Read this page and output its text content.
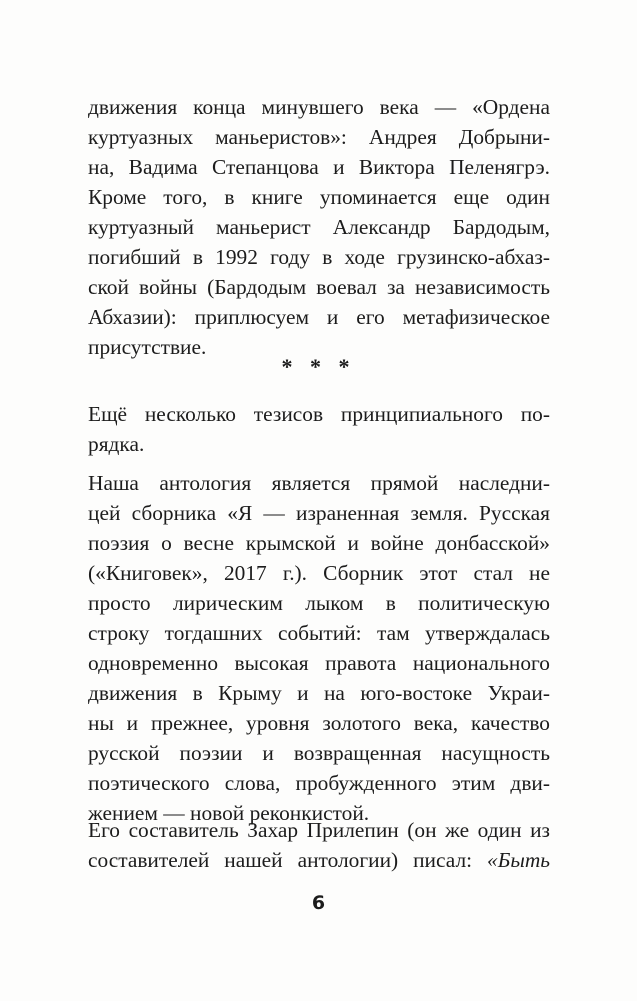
движения конца минувшего века — «Ордена
куртуазных маньеристов»: Андрея Добрыни-
на, Вадима Степанцова и Виктора Пеленягрэ.
Кроме того, в книге упоминается еще один
куртуазный маньерист Александр Бардодым,
погибший в 1992 году в ходе грузинско-абхаз-
ской войны (Бардодым воевал за независимость
Абхазии): приплюсуем и его метафизическое
присутствие.
* * *
Ещё несколько тезисов принципиального по-
рядка.
Наша антология является прямой наследни-
цей сборника «Я — израненная земля. Русская
поэзия о весне крымской и войне донбасской»
(«Книговек», 2017 г.). Сборник этот стал не
просто лирическим лыком в политическую
строку тогдашних событий: там утверждалась
одновременно высокая правота национального
движения в Крыму и на юго-востоке Украи-
ны и прежнее, уровня золотого века, качество
русской поэзии и возвращенная насущность
поэтического слова, пробужденного этим дви-
жением — новой реконкистой.
Его составитель Захар Прилепин (он же один из
составителей нашей антологии) писал: «Быть
6
